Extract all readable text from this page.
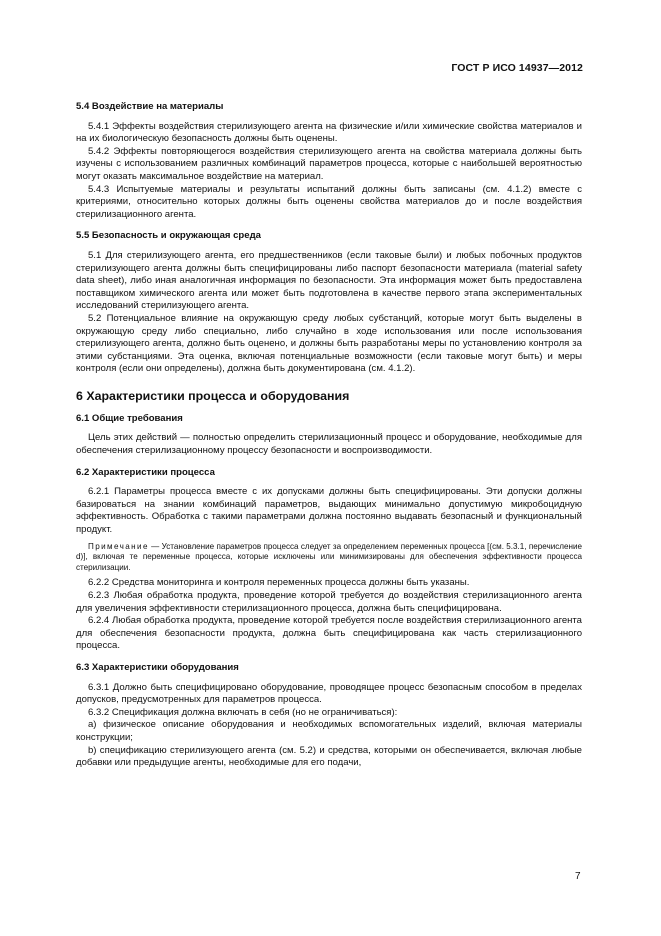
ГОСТ Р ИСО 14937—2012

5.4 Воздействие на материалы

5.4.1 Эффекты воздействия стерилизующего агента на физические и/или химические свойства материалов и на их биологическую безопасность должны быть оценены.

5.4.2 Эффекты повторяющегося воздействия стерилизующего агента на свойства материала должны быть изучены с использованием различных комбинаций параметров процесса, которые с наибольшей вероятностью могут оказать максимальное воздействие на материал.

5.4.3 Испытуемые материалы и результаты испытаний должны быть записаны (см. 4.1.2) вместе с критериями, относительно которых должны быть оценены свойства материалов до и после воздействия стерилизационного агента.

5.5 Безопасность и окружающая среда

5.1 Для стерилизующего агента, его предшественников (если таковые были) и любых побочных продуктов стерилизующего агента должны быть специфицированы либо паспорт безопасности материала (material safety data sheet), либо иная аналогичная информация по безопасности. Эта информация может быть предоставлена поставщиком химического агента или может быть подготовлена в качестве первого этапа экспериментальных исследований стерилизующего агента.

5.2 Потенциальное влияние на окружающую среду любых субстанций, которые могут быть выделены в окружающую среду либо специально, либо случайно в ходе использования или после использования стерилизующего агента, должно быть оценено, и должны быть разработаны меры по установлению контроля за этими субстанциями. Эта оценка, включая потенциальные возможности (если таковые могут быть) и меры контроля (если они определены), должна быть документирована (см. 4.1.2).

6 Характеристики процесса и оборудования

6.1 Общие требования

Цель этих действий — полностью определить стерилизационный процесс и оборудование, необходимые для обеспечения стерилизационному процессу безопасности и воспроизводимости.

6.2 Характеристики процесса

6.2.1 Параметры процесса вместе с их допусками должны быть специфицированы. Эти допуски должны базироваться на знании комбинаций параметров, выдающих минимально допустимую микробоцидную эффективность. Обработка с такими параметрами должна постоянно выдавать безопасный и функциональный продукт.

Примечание — Установление параметров процесса следует за определением переменных процесса [(см. 5.3.1, перечисление d)], включая те переменные процесса, которые исключены или минимизированы для обеспечения эффективности процесса стерилизации.

6.2.2 Средства мониторинга и контроля переменных процесса должны быть указаны.

6.2.3 Любая обработка продукта, проведение которой требуется до воздействия стерилизационного агента для увеличения эффективности стерилизационного процесса, должна быть специфицирована.

6.2.4 Любая обработка продукта, проведение которой требуется после воздействия стерилизационного агента для обеспечения безопасности продукта, должна быть специфицирована как часть стерилизационного процесса.

6.3 Характеристики оборудования

6.3.1 Должно быть специфицировано оборудование, проводящее процесс безопасным способом в пределах допусков, предусмотренных для параметров процесса.

6.3.2 Спецификация должна включать в себя (но не ограничиваться):

a) физическое описание оборудования и необходимых вспомогательных изделий, включая материалы конструкции;

b) спецификацию стерилизующего агента (см. 5.2) и средства, которыми он обеспечивается, включая любые добавки или предыдущие агенты, необходимые для его подачи,

7
